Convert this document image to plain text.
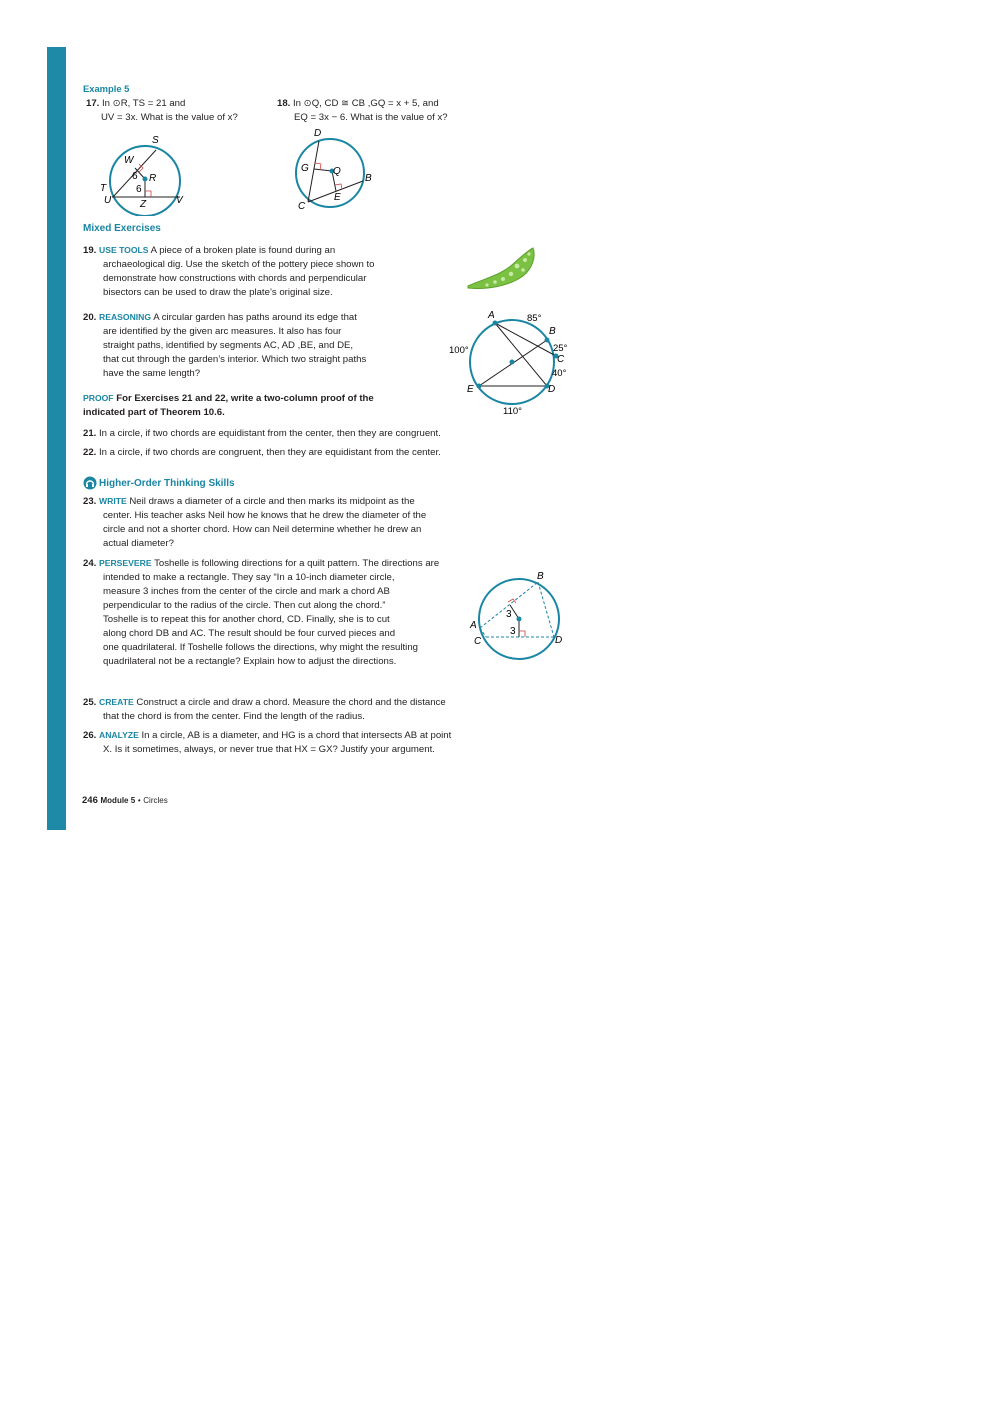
Example 5
17. In ⊙R, TS = 21 and
UV = 3x. What is the value of x?
S
W
6 R
6
T
U	Z	V
18. In ⊙Q, CD ≅ CB ,GQ = x + 5, and
EQ = 3x − 6. What is the value of x?
D
G Q
B
E
C
Mixed Exercises
19. USE TOOLS A piece of a broken plate is found during an
archaeological dig. Use the sketch of the pottery piece shown to
demonstrate how constructions with chords and perpendicular
bisectors can be used to draw the plate’s original size.
20. REASONING A circular garden has paths around its edge that
are identified by the given arc measures. It also has four
straight paths, identified by segments AC, AD ,BE, and DE,
that cut through the garden’s interior. Which two straight paths
have the same length?
A	85°
B
25°
C
40°
100°
D
E
110°
PROOF For Exercises 21 and 22, write a two-column proof of the
indicated part of Theorem 10.6.
21. In a circle, if two chords are equidistant from the center, then they are congruent.
22. In a circle, if two chords are congruent, then they are equidistant from the center.
Higher-Order Thinking Skills
23. WRITE Neil draws a diameter of a circle and then marks its midpoint as the
center. His teacher asks Neil how he knows that he drew the diameter of the
circle and not a shorter chord. How can Neil determine whether he drew an
actual diameter?
24. PERSEVERE Toshelle is following directions for a quilt pattern. The directions are
intended to make a rectangle. They say “In a 10-inch diameter circle,
measure 3 inches from the center of the circle and mark a chord AB
perpendicular to the radius of the circle. Then cut along the chord.”
Toshelle is to repeat this for another chord, CD. Finally, she is to cut
along chord DB and AC. The result should be four curved pieces and
one quadrilateral. If Toshelle follows the directions, why might the resulting
quadrilateral not be a rectangle? Explain how to adjust the directions.
B
3
3
A
C	D
25. CREATE Construct a circle and draw a chord. Measure the chord and the distance
that the chord is from the center. Find the length of the radius.
26. ANALYZE In a circle, AB is a diameter, and HG is a chord that intersects AB at point
X. Is it sometimes, always, or never true that HX = GX? Justify your argument.
246 Module 5 • Circles
